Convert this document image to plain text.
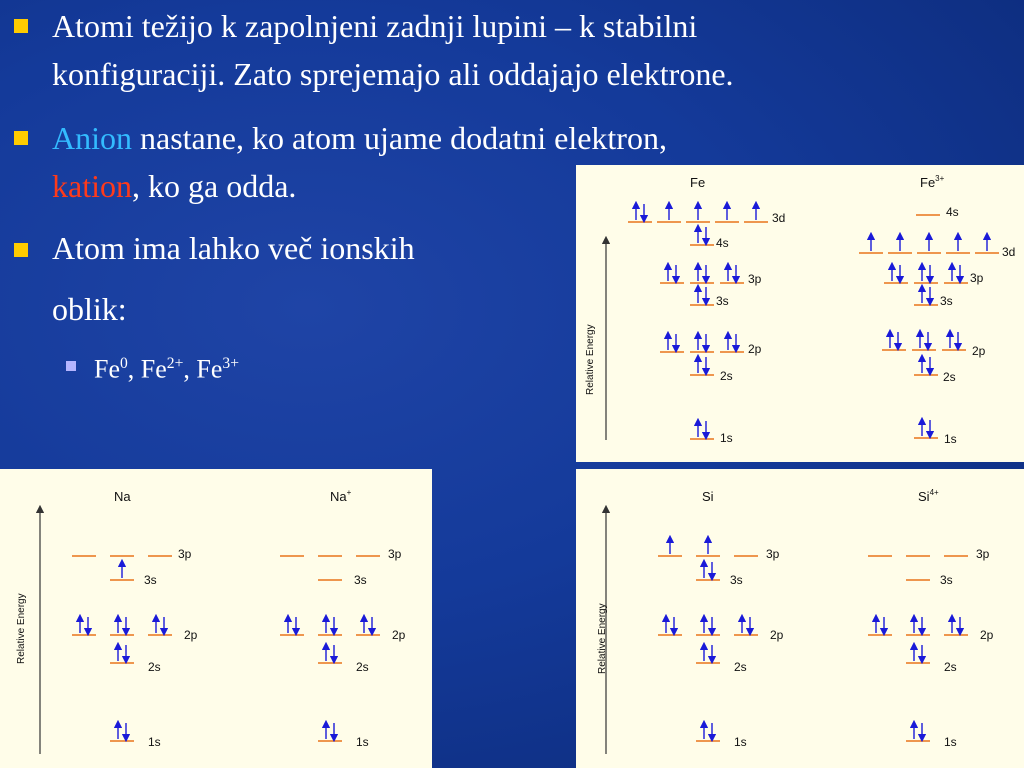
Atomi težijo k zapolnjeni zadnji lupini – k stabilni
konfiguraciji. Zato sprejemajo ali oddajajo elektrone.
Anion nastane, ko atom ujame dodatni elektron,
kation, ko ga odda.
Atom ima lahko več ionskih
oblik:
Fe$^0$, $Fe^{2+}$, $Fe^{3+}$	Relative Energy
Fe	$Fe^{3+}$
3d
4s
3p
3s
2p
2s
1s
4s
3d
3p
3s
2p
2s
1s
Relative Energy
Na	Na+
3p
3s
2p
2s
1s
3p
3s
2p
2s
1s
Relative Energy
Si	$Si^{4+}$
3p
3s
2p
2s
1s
3p
3s
2p
2s
1s
